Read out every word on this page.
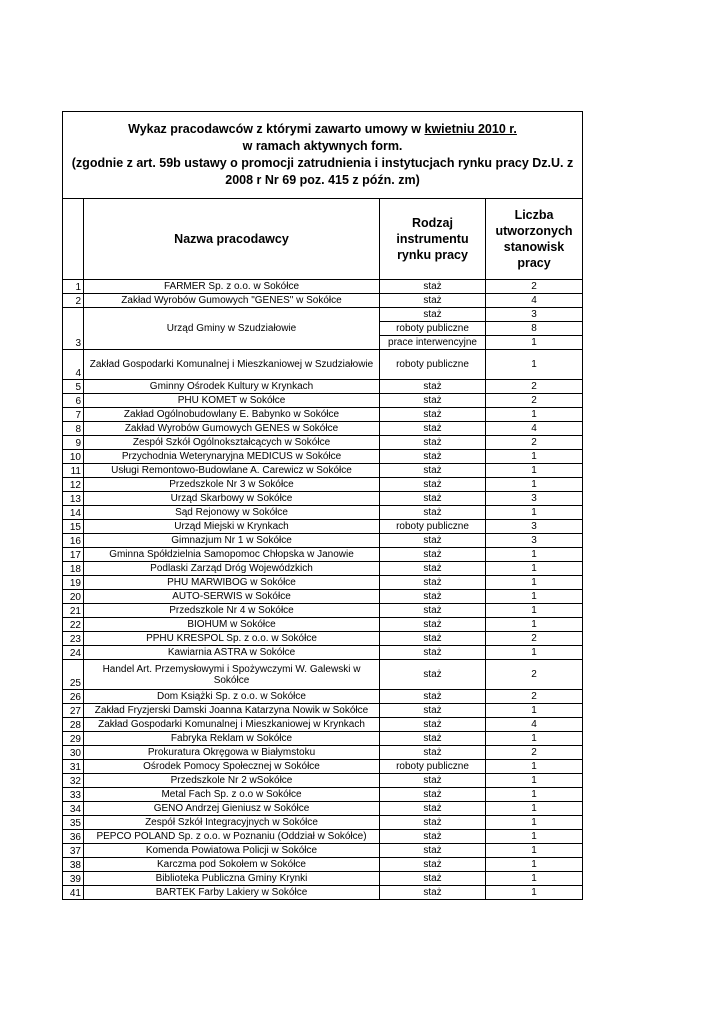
Wykaz pracodawców z którymi zawarto umowy w kwietniu 2010 r.
w ramach aktywnych form.
(zgodnie z art. 59b ustawy o promocji zatrudnienia i instytucjach rynku pracy Dz.U. z 2008 r Nr 69 poz. 415 z późn. zm)			
	Nazwa pracodawcy	Rodzaj instrumentu rynku pracy	Liczba utworzonych stanowisk pracy
1	FARMER Sp. z o.o. w Sokółce	staż	2
2	Zakład Wyrobów Gumowych "GENES" w Sokółce	staż	4
3	Urząd Gminy w Szudziałowie	staż	3
		roboty publiczne	8
		prace interwencyjne	1
4	Zakład Gospodarki Komunalnej i Mieszkaniowej w Szudziałowie	roboty publiczne	1
5	Gminny Ośrodek Kultury w Krynkach	staż	2
6	PHU KOMET w Sokółce	staż	2
7	Zakład Ogólnobudowlany E. Babynko w Sokółce	staż	1
8	Zakład Wyrobów Gumowych GENES w Sokółce	staż	4
9	Zespół Szkół Ogólnokształcących w Sokółce	staż	2
10	Przychodnia Weterynaryjna MEDICUS w Sokółce	staż	1
11	Usługi Remontowo-Budowlane A. Carewicz w Sokółce	staż	1
12	Przedszkole Nr 3 w Sokółce	staż	1
13	Urząd Skarbowy w Sokółce	staż	3
14	Sąd Rejonowy w Sokółce	staż	1
15	Urząd Miejski w Krynkach	roboty publiczne	3
16	Gimnazjum Nr 1 w Sokółce	staż	3
17	Gminna Spółdzielnia Samopomoc Chłopska w Janowie	staż	1
18	Podlaski Zarząd Dróg Wojewódzkich	staż	1
19	PHU MARWIBOG w Sokółce	staż	1
20	AUTO-SERWIS w Sokółce	staż	1
21	Przedszkole Nr 4 w Sokółce	staż	1
22	BIOHUM w Sokółce	staż	1
23	PPHU KRESPOL Sp. z o.o. w Sokółce	staż	2
24	Kawiarnia ASTRA w Sokółce	staż	1
25	Handel Art. Przemysłowymi i Spożywczymi W. Galewski w Sokółce	staż	2
26	Dom Książki Sp. z o.o. w Sokółce	staż	2
27	Zakład Fryzjerski Damski Joanna Katarzyna Nowik w Sokółce	staż	1
28	Zakład Gospodarki Komunalnej i Mieszkaniowej w Krynkach	staż	4
29	Fabryka Reklam w Sokółce	staż	1
30	Prokuratura Okręgowa w Białymstoku	staż	2
31	Ośrodek Pomocy Społecznej w Sokółce	roboty publiczne	1
32	Przedszkole Nr 2 wSokółce	staż	1
33	Metal Fach Sp. z o.o w Sokółce	staż	1
34	GENO Andrzej Gieniusz w Sokółce	staż	1
35	Zespół Szkół Integracyjnych w Sokółce	staż	1
36	PEPCO POLAND Sp. z o.o. w Poznaniu (Oddział w Sokółce)	staż	1
37	Komenda Powiatowa Policji w Sokółce	staż	1
38	Karczma pod Sokołem w Sokółce	staż	1
39	Biblioteka Publiczna Gminy Krynki	staż	1
41	BARTEK Farby Lakiery w Sokółce	staż	1
